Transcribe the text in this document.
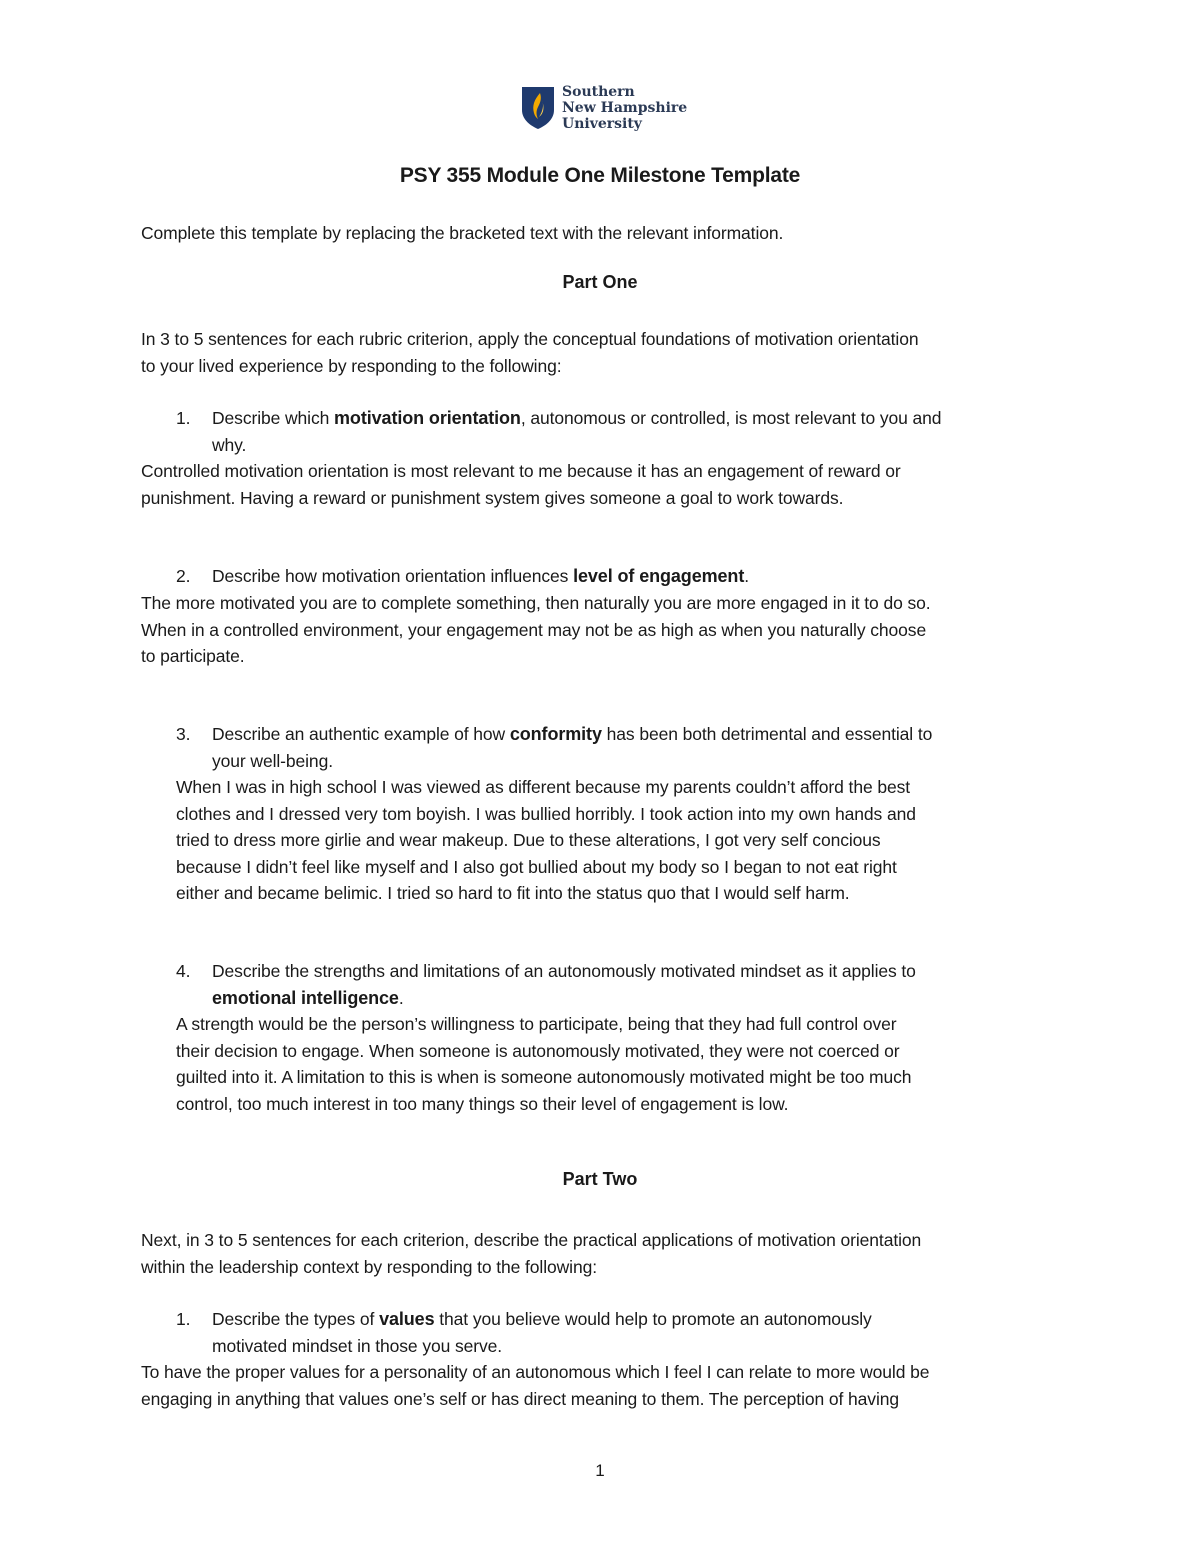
Southern
New Hampshire
University
PSY 355 Module One Milestone Template
Complete this template by replacing the bracketed text with the relevant information.
Part One
In 3 to 5 sentences for each rubric criterion, apply the conceptual foundations of motivation orientation
to your lived experience by responding to the following:
1. Describe which motivation orientation, autonomous or controlled, is most relevant to you and
why.
Controlled motivation orientation is most relevant to me because it has an engagement of reward or
punishment. Having a reward or punishment system gives someone a goal to work towards.
2. Describe how motivation orientation influences level of engagement.
The more motivated you are to complete something, then naturally you are more engaged in it to do so.
When in a controlled environment, your engagement may not be as high as when you naturally choose
to participate.
3. Describe an authentic example of how conformity has been both detrimental and essential to
your well-being.
When I was in high school I was viewed as different because my parents couldn’t afford the best
clothes and I dressed very tom boyish. I was bullied horribly. I took action into my own hands and
tried to dress more girlie and wear makeup. Due to these alterations, I got very self concious
because I didn’t feel like myself and I also got bullied about my body so I began to not eat right
either and became belimic. I tried so hard to fit into the status quo that I would self harm.
4. Describe the strengths and limitations of an autonomously motivated mindset as it applies to
emotional intelligence.
A strength would be the person’s willingness to participate, being that they had full control over
their decision to engage. When someone is autonomously motivated, they were not coerced or
guilted into it. A limitation to this is when is someone autonomously motivated might be too much
control, too much interest in too many things so their level of engagement is low.
Part Two
Next, in 3 to 5 sentences for each criterion, describe the practical applications of motivation orientation
within the leadership context by responding to the following:
1. Describe the types of values that you believe would help to promote an autonomously
motivated mindset in those you serve.
To have the proper values for a personality of an autonomous which I feel I can relate to more would be
engaging in anything that values one’s self or has direct meaning to them. The perception of having
1
